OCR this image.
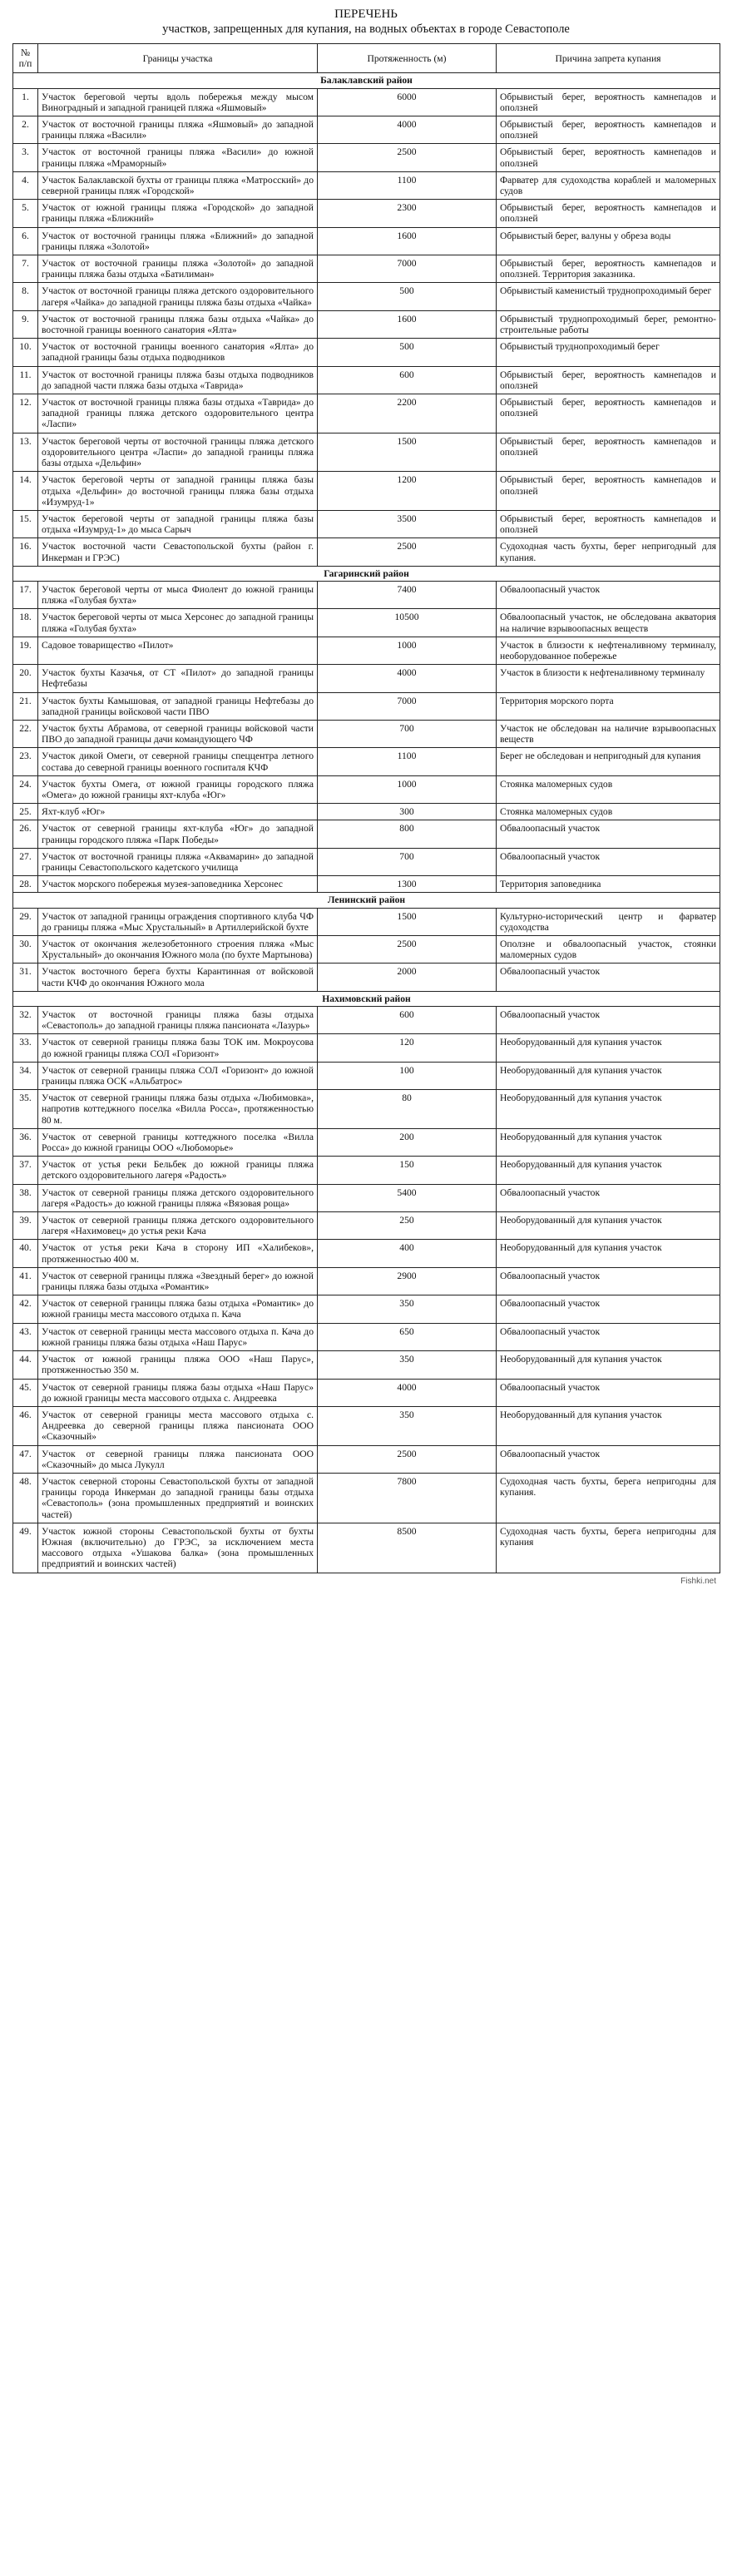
ПЕРЕЧЕНЬ
участков, запрещенных для купания, на водных объектах в городе Севастополе
№ п/п	Границы участка	Протяженность (м)	Причина запрета купания
Балаклавский район			
1.	Участок береговой черты вдоль побережья между мысом Виноградный и западной границей пляжа «Яшмовый»	6000	Обрывистый берег, вероятность камнепадов и оползней
2.	Участок от восточной границы пляжа «Яшмовый» до западной границы пляжа «Васили»	4000	Обрывистый берег, вероятность камнепадов и оползней
3.	Участок от восточной границы пляжа «Васили» до южной границы пляжа «Мраморный»	2500	Обрывистый берег, вероятность камнепадов и оползней
4.	Участок Балаклавской бухты от границы пляжа «Матросский» до северной границы пляж «Городской»	1100	Фарватер для судоходства кораблей и маломерных судов
5.	Участок от южной границы пляжа «Городской» до западной границы пляжа «Ближний»	2300	Обрывистый берег, вероятность камнепадов и оползней
6.	Участок от восточной границы пляжа «Ближний» до западной границы пляжа «Золотой»	1600	Обрывистый берег, валуны у обреза воды
7.	Участок от восточной границы пляжа «Золотой» до западной границы пляжа базы отдыха «Батилиман»	7000	Обрывистый берег, вероятность камнепадов и оползней. Территория заказника.
8.	Участок от восточной границы пляжа детского оздоровительного лагеря «Чайка» до западной границы пляжа базы отдыха «Чайка»	500	Обрывистый каменистый труднопроходимый берег
9.	Участок от восточной границы пляжа базы отдыха «Чайка» до восточной границы военного санатория «Ялта»	1600	Обрывистый труднопроходимый берег, ремонтно-строительные работы
10.	Участок от восточной границы военного санатория «Ялта» до западной границы базы отдыха подводников	500	Обрывистый труднопроходимый берег
11.	Участок от восточной границы пляжа базы отдыха подводников до западной части пляжа базы отдыха «Таврида»	600	Обрывистый берег, вероятность камнепадов и оползней
12.	Участок от восточной границы пляжа базы отдыха «Таврида» до западной границы пляжа детского оздоровительного центра «Ласпи»	2200	Обрывистый берег, вероятность камнепадов и оползней
13.	Участок береговой черты от восточной границы пляжа детского оздоровительного центра «Ласпи» до западной границы пляжа базы отдыха «Дельфин»	1500	Обрывистый берег, вероятность камнепадов и оползней
14.	Участок береговой черты от западной границы пляжа базы отдыха «Дельфин» до восточной границы пляжа базы отдыха «Изумруд-1»	1200	Обрывистый берег, вероятность камнепадов и оползней
15.	Участок береговой черты от западной границы пляжа базы отдыха «Изумруд-1» до мыса Сарыч	3500	Обрывистый берег, вероятность камнепадов и оползней
16.	Участок восточной части Севастопольской бухты (район г. Инкерман и ГРЭС)	2500	Судоходная часть бухты, берег непригодный для купания.
Гагаринский район			
17.	Участок береговой черты от мыса Фиолент до южной границы пляжа «Голубая бухта»	7400	Обвалоопасный участок
18.	Участок береговой черты от мыса Херсонес до западной границы пляжа «Голубая бухта»	10500	Обвалоопасный участок, не обследована акватория на наличие взрывоопасных веществ
19.	Садовое товарищество «Пилот»	1000	Участок в близости к нефтеналивному терминалу, необорудованное побережье
20.	Участок бухты Казачья, от СТ «Пилот» до западной границы Нефтебазы	4000	Участок в близости к нефтеналивному терминалу
21.	Участок бухты Камышовая, от западной границы Нефтебазы до западной границы войсковой части ПВО	7000	Территория морского порта
22.	Участок бухты Абрамова, от северной границы войсковой части ПВО до западной границы дачи командующего ЧФ	700	Участок не обследован на наличие взрывоопасных веществ
23.	Участок дикой Омеги, от северной границы спеццентра летного состава до северной границы военного госпиталя КЧФ	1100	Берег не обследован и непригодный для купания
24.	Участок бухты Омега, от южной границы городского пляжа «Омега» до южной границы яхт-клуба «Юг»	1000	Стоянка маломерных судов
25.	Яхт-клуб «Юг»	300	Стоянка маломерных судов
26.	Участок от северной границы яхт-клуба «Юг» до западной границы городского пляжа «Парк Победы»	800	Обвалоопасный участок
27.	Участок от восточной границы пляжа «Аквамарин» до западной границы Севастопольского кадетского училища	700	Обвалоопасный участок
28.	Участок морского побережья музея-заповедника Херсонес	1300	Территория заповедника
Ленинский район			
29.	Участок от западной границы ограждения спортивного клуба ЧФ до границы пляжа «Мыс Хрустальный» в Артиллерийской бухте	1500	Культурно-исторический центр и фарватер судоходства
30.	Участок от окончания железобетонного строения пляжа «Мыс Хрустальный» до окончания Южного мола (по бухте Мартынова)	2500	Оползне и обвалоопасный участок, стоянки маломерных судов
31.	Участок восточного берега бухты Карантинная от войсковой части КЧФ до окончания Южного мола	2000	Обвалоопасный участок
Нахимовский район			
32.	Участок от восточной границы пляжа базы отдыха «Севастополь» до западной границы пляжа пансионата «Лазурь»	600	Обвалоопасный участок
33.	Участок от северной границы пляжа базы ТОК им. Мокроусова до южной границы пляжа СОЛ «Горизонт»	120	Необорудованный для купания участок
34.	Участок от северной границы пляжа СОЛ «Горизонт» до южной границы пляжа ОСК «Альбатрос»	100	Необорудованный для купания участок
35.	Участок от северной границы пляжа базы отдыха «Любимовка», напротив коттеджного поселка «Вилла Росса», протяженностью 80 м.	80	Необорудованный для купания участок
36.	Участок от северной границы коттеджного поселка «Вилла Росса» до южной границы ООО «Любоморье»	200	Необорудованный для купания участок
37.	Участок от устья реки Бельбек до южной границы пляжа детского оздоровительного лагеря «Радость»	150	Необорудованный для купания участок
38.	Участок от северной границы пляжа детского оздоровительного лагеря «Радость» до южной границы пляжа «Вязовая роща»	5400	Обвалоопасный участок
39.	Участок от северной границы пляжа детского оздоровительного лагеря «Нахимовец» до устья реки Кача	250	Необорудованный для купания участок
40.	Участок от устья реки Кача в сторону ИП «Халибеков», протяженностью 400 м.	400	Необорудованный для купания участок
41.	Участок от северной границы пляжа «Звездный берег» до южной границы пляжа базы отдыха «Романтик»	2900	Обвалоопасный участок
42.	Участок от северной границы пляжа базы отдыха «Романтик» до южной границы места массового отдыха п. Кача	350	Обвалоопасный участок
43.	Участок от северной границы места массового отдыха п. Кача до южной границы пляжа базы отдыха «Наш Парус»	650	Обвалоопасный участок
44.	Участок от южной границы пляжа ООО «Наш Парус», протяженностью 350 м.	350	Необорудованный для купания участок
45.	Участок от северной границы пляжа базы отдыха «Наш Парус» до южной границы места массового отдыха с. Андреевка	4000	Обвалоопасный участок
46.	Участок от северной границы места массового отдыха с. Андреевка до северной границы пляжа пансионата ООО «Сказочный»	350	Необорудованный для купания участок
47.	Участок от северной границы пляжа пансионата ООО «Сказочный» до мыса Лукулл	2500	Обвалоопасный участок
48.	Участок северной стороны Севастопольской бухты от западной границы города Инкерман до западной границы базы отдыха «Севастополь» (зона промышленных предприятий и воинских частей)	7800	Судоходная часть бухты, берега непригодны для купания.
49.	Участок южной стороны Севастопольской бухты от бухты Южная (включительно) до ГРЭС, за исключением места массового отдыха «Ушакова балка» (зона промышленных предприятий и воинских частей)	8500	Судоходная часть бухты, берега непригодны для купания
Fishki.net
